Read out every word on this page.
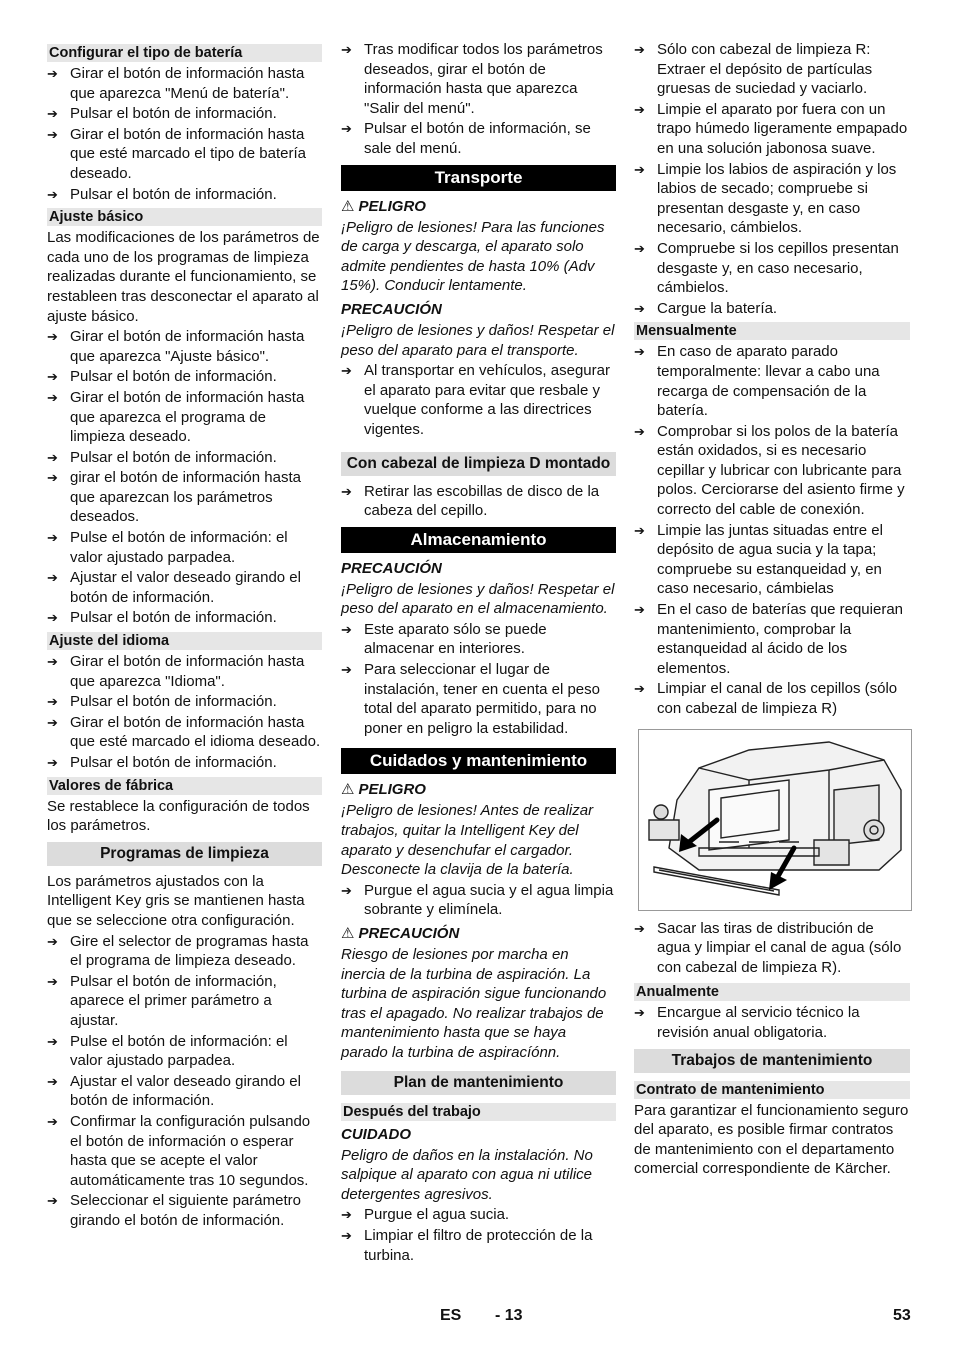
Configurar el tipo de batería
➔ Girar el botón de información hasta que aparezca "Menú de batería".
➔ Pulsar el botón de información.
➔ Girar el botón de información hasta que esté marcado el tipo de batería deseado.
➔ Pulsar el botón de información.
Ajuste básico
Las modificaciones de los parámetros de cada uno de los programas de limpieza realizadas durante el funcionamiento, se restableen tras desconectar el aparato al ajuste básico.
➔ Girar el botón de información hasta que aparezca "Ajuste básico".
➔ Pulsar el botón de información.
➔ Girar el botón de información hasta que aparezca el programa de limpieza deseado.
➔ Pulsar el botón de información.
➔ girar el botón de información hasta que aparezcan los parámetros deseados.
➔ Pulse el botón de información: el valor ajustado parpadea.
➔ Ajustar el valor deseado girando el botón de información.
➔ Pulsar el botón de información.
Ajuste del idioma
➔ Girar el botón de información hasta que aparezca "Idioma".
➔ Pulsar el botón de información.
➔ Girar el botón de información hasta que esté marcado el idioma deseado.
➔ Pulsar el botón de información.
Valores de fábrica
Se restablece la configuración de todos los parámetros.
Programas de limpieza
Los parámetros ajustados con la Intelligent Key gris se mantienen hasta que se seleccione otra configuración.
➔ Gire el selector de programas hasta el programa de limpieza deseado.
➔ Pulsar el botón de información, aparece el primer parámetro a ajustar.
➔ Pulse el botón de información: el valor ajustado parpadea.
➔ Ajustar el valor deseado girando el botón de información.
➔ Confirmar la configuración pulsando el botón de información o esperar hasta que se acepte el valor automáticamente tras 10 segundos.
➔ Seleccionar el siguiente parámetro girando el botón de información.
➔ Tras modificar todos los parámetros deseados, girar el botón de información hasta que aparezca "Salir del menú".
➔ Pulsar el botón de información, se sale del menú.
Transporte
⚠ PELIGRO
¡Peligro de lesiones! Para las funciones de carga y descarga, el aparato solo admite pendientes de hasta 10% (Adv 15%). Conducir lentamente.
PRECAUCIÓN
¡Peligro de lesiones y daños! Respetar el peso del aparato para el transporte.
➔ Al transportar en vehículos, asegurar el aparato para evitar que resbale y vuelque conforme a las directrices vigentes.
Con cabezal de limpieza D montado
➔ Retirar las escobillas de disco de la cabeza del cepillo.
Almacenamiento
PRECAUCIÓN
¡Peligro de lesiones y daños! Respetar el peso del aparato en el almacenamiento.
➔ Este aparato sólo se puede almacenar en interiores.
➔ Para seleccionar el lugar de instalación, tener en cuenta el peso total del aparato permitido, para no poner en peligro la estabilidad.
Cuidados y mantenimiento
⚠ PELIGRO
¡Peligro de lesiones! Antes de realizar trabajos, quitar la Intelligent Key del aparato y desenchufar el cargador. Desconecte la clavija de la batería.
➔ Purgue el agua sucia y el agua limpia sobrante y elimínela.
⚠ PRECAUCIÓN
Riesgo de lesiones por marcha en inercia de la turbina de aspiración. La turbina de aspiración sigue funcionando tras el apagado. No realizar trabajos de mantenimiento hasta que se haya parado la turbina de aspiracíónn.
Plan de mantenimiento
Después del trabajo
CUIDADO
Peligro de daños en la instalación. No salpique al aparato con agua ni utilice detergentes agresivos.
➔ Purgue el agua sucia.
➔ Limpiar el filtro de protección de la turbina.
➔ Sólo con cabezal de limpieza R: Extraer el depósito de partículas gruesas de suciedad y vaciarlo.
➔ Limpie el aparato por fuera con un trapo húmedo ligeramente empapado en una solución jabonosa suave.
➔ Limpie los labios de aspiración y los labios de secado; compruebe si presentan desgaste y, en caso necesario, cámbielos.
➔ Compruebe si los cepillos presentan desgaste y, en caso necesario, cámbielos.
➔ Cargue la batería.
Mensualmente
➔ En caso de aparato parado temporalmente: llevar a cabo una recarga de compensación de la batería.
➔ Comprobar si los polos de la batería están oxidados, si es necesario cepillar y lubricar con lubricante para polos. Cerciorarse del asiento firme y correcto del cable de conexión.
➔ Limpie las juntas situadas entre el depósito de agua sucia y la tapa; compruebe su estanqueidad y, en caso necesario, cámbielas
➔ En el caso de baterías que requieran mantenimiento, comprobar la estanqueidad al ácido de los elementos.
➔ Limpiar el canal de los cepillos (sólo con cabezal de limpieza R)
➔ Sacar las tiras de distribución de agua y limpiar el canal de agua (sólo con cabezal de limpieza R).
Anualmente
➔ Encargue al servicio técnico la revisión anual obligatoria.
Trabajos de mantenimiento
Contrato de mantenimiento
Para garantizar el funcionamiento seguro del aparato, es posible firmar contratos de mantenimiento con el departamento comercial correspondiente de Kärcher.
ES - 13	53
